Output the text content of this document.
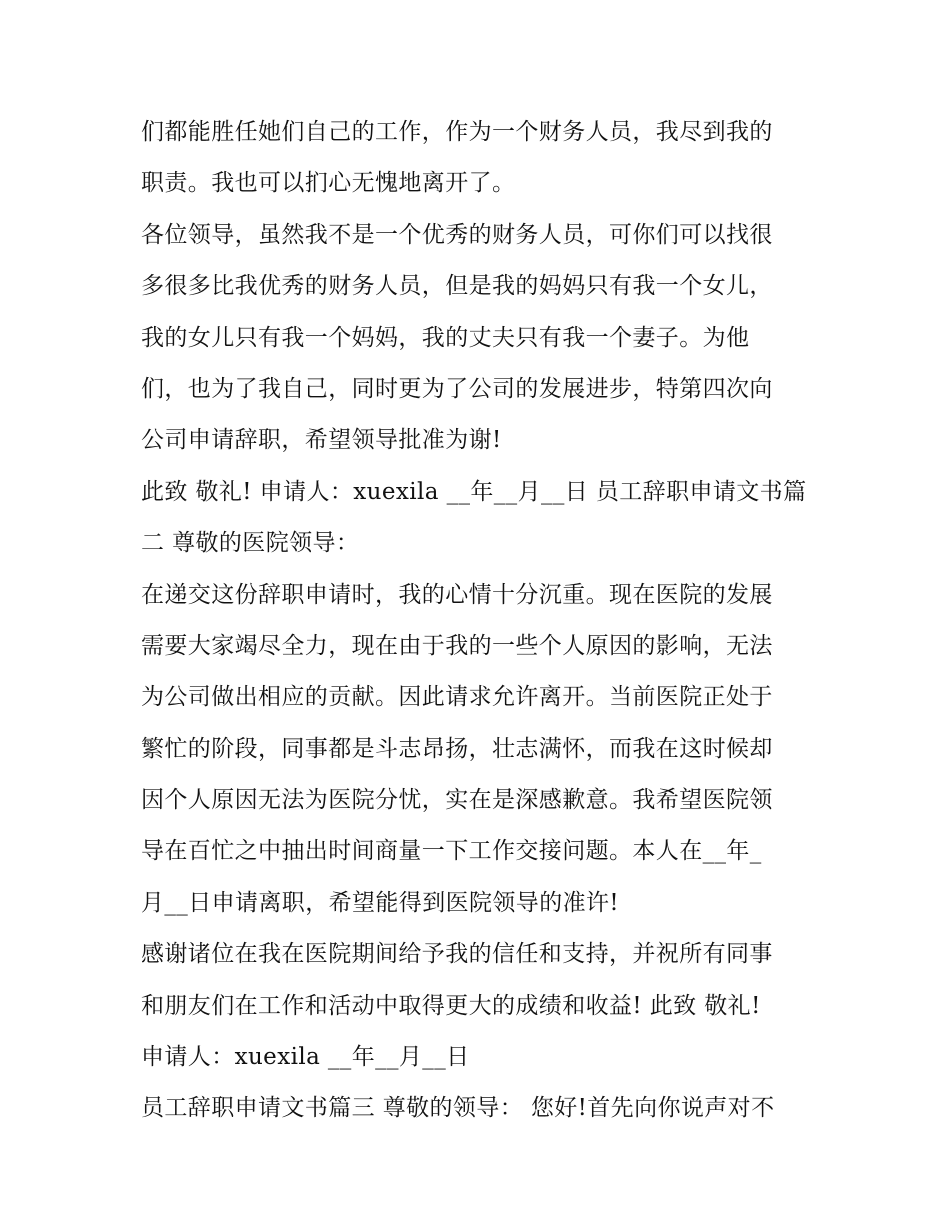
们都能胜任她们自己的工作，作为一个财务人员，我尽到我的
职责。我也可以扪心无愧地离开了。
各位领导，虽然我不是一个优秀的财务人员，可你们可以找很
多很多比我优秀的财务人员，但是我的妈妈只有我一个女儿，
我的女儿只有我一个妈妈，我的丈夫只有我一个妻子。为他
们，也为了我自己，同时更为了公司的发展进步，特第四次向
公司申请辞职，希望领导批准为谢!
此致 敬礼! 申请人：xuexila __年__月__日 员工辞职申请文书篇
二 尊敬的医院领导：
在递交这份辞职申请时，我的心情十分沉重。现在医院的发展
需要大家竭尽全力，现在由于我的一些个人原因的影响，无法
为公司做出相应的贡献。因此请求允许离开。当前医院正处于
繁忙的阶段，同事都是斗志昂扬，壮志满怀，而我在这时候却
因个人原因无法为医院分忧，实在是深感歉意。我希望医院领
导在百忙之中抽出时间商量一下工作交接问题。本人在__年_
月__日申请离职，希望能得到医院领导的准许!
感谢诸位在我在医院期间给予我的信任和支持，并祝所有同事
和朋友们在工作和活动中取得更大的成绩和收益! 此致 敬礼!
申请人：xuexila __年__月__日
员工辞职申请文书篇三 尊敬的领导： 您好!首先向你说声对不
